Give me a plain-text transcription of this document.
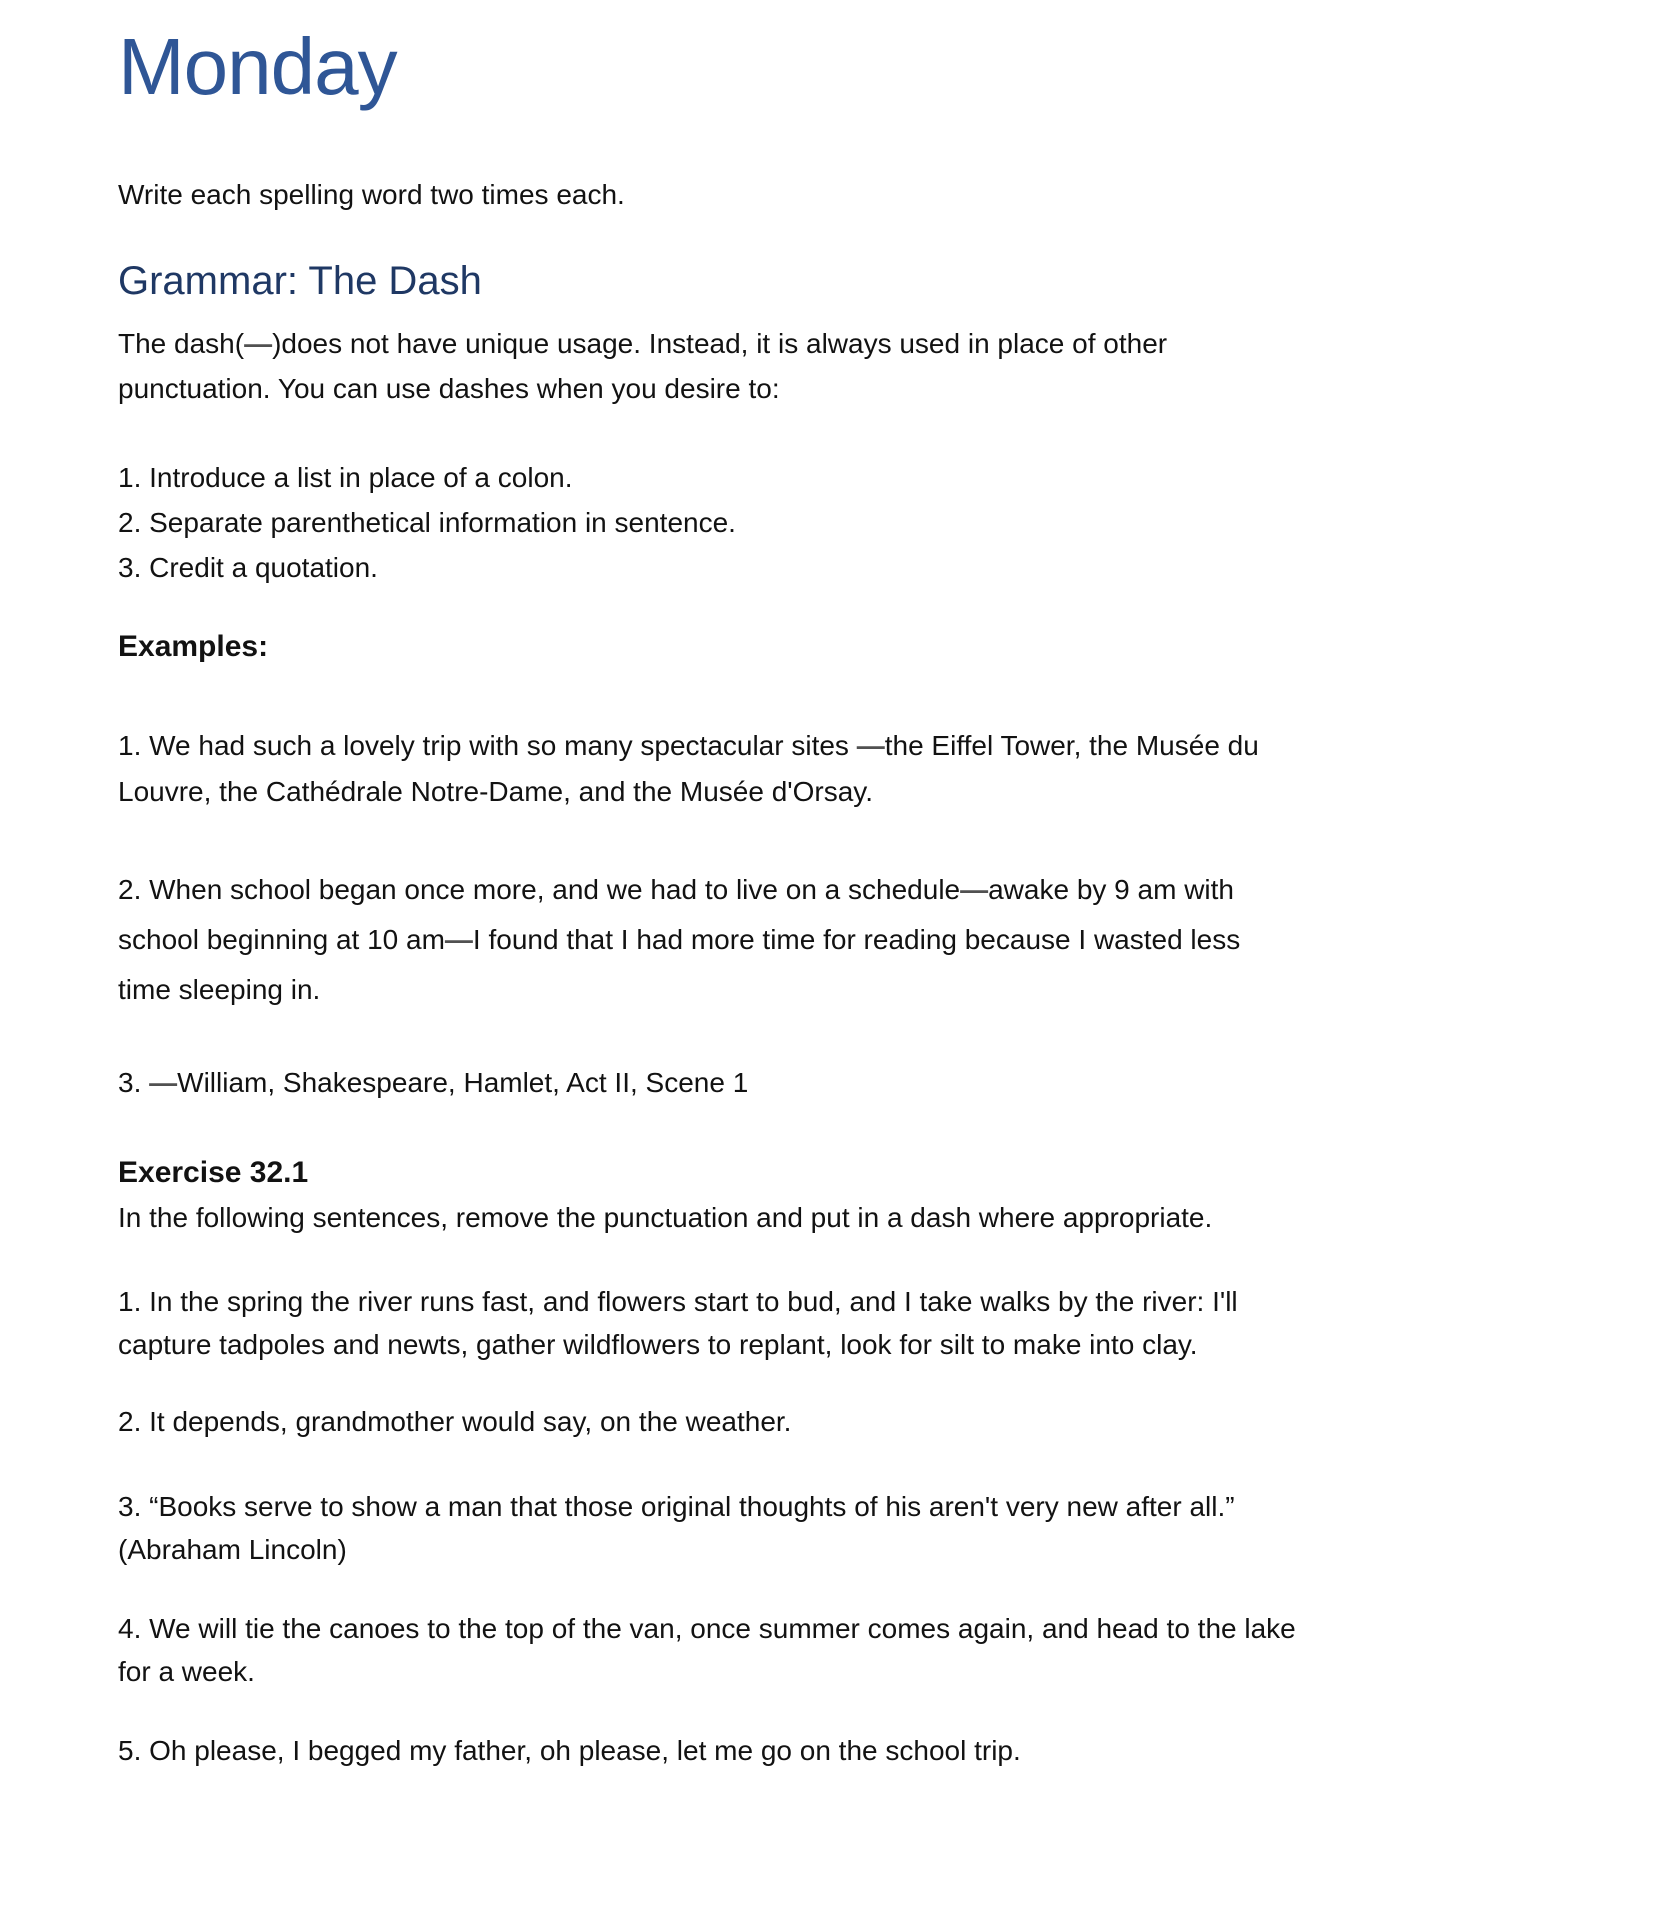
Monday

Write each spelling word two times each.

Grammar: The Dash
The dash(—)does not have unique usage. Instead, it is always used in place of other
punctuation. You can use dashes when you desire to:

1. Introduce a list in place of a colon.

2. Separate parenthetical information in sentence.

3. Credit a quotation.

Examples:

1. We had such a lovely trip with so many spectacular sites —the Eiffel Tower, the Musée du
Louvre, the Cathédrale Notre-Dame, and the Musée d'Orsay.
2. When school began once more, and we had to live on a schedule—awake by 9 am with
school beginning at 10 am—I found that I had more time for reading because I wasted less
time sleeping in.
3. —William, Shakespeare, Hamlet, Act II, Scene 1

Exercise 32.1

In the following sentences, remove the punctuation and put in a dash where appropriate.

1. In the spring the river runs fast, and flowers start to bud, and I take walks by the river: I'll
capture tadpoles and newts, gather wildflowers to replant, look for silt to make into clay.

2. It depends, grandmother would say, on the weather.

3. “Books serve to show a man that those original thoughts of his aren't very new after all.”
(Abraham Lincoln)
4. We will tie the canoes to the top of the van, once summer comes again, and head to the lake
for a week.

5. Oh please, I begged my father, oh please, let me go on the school trip.
